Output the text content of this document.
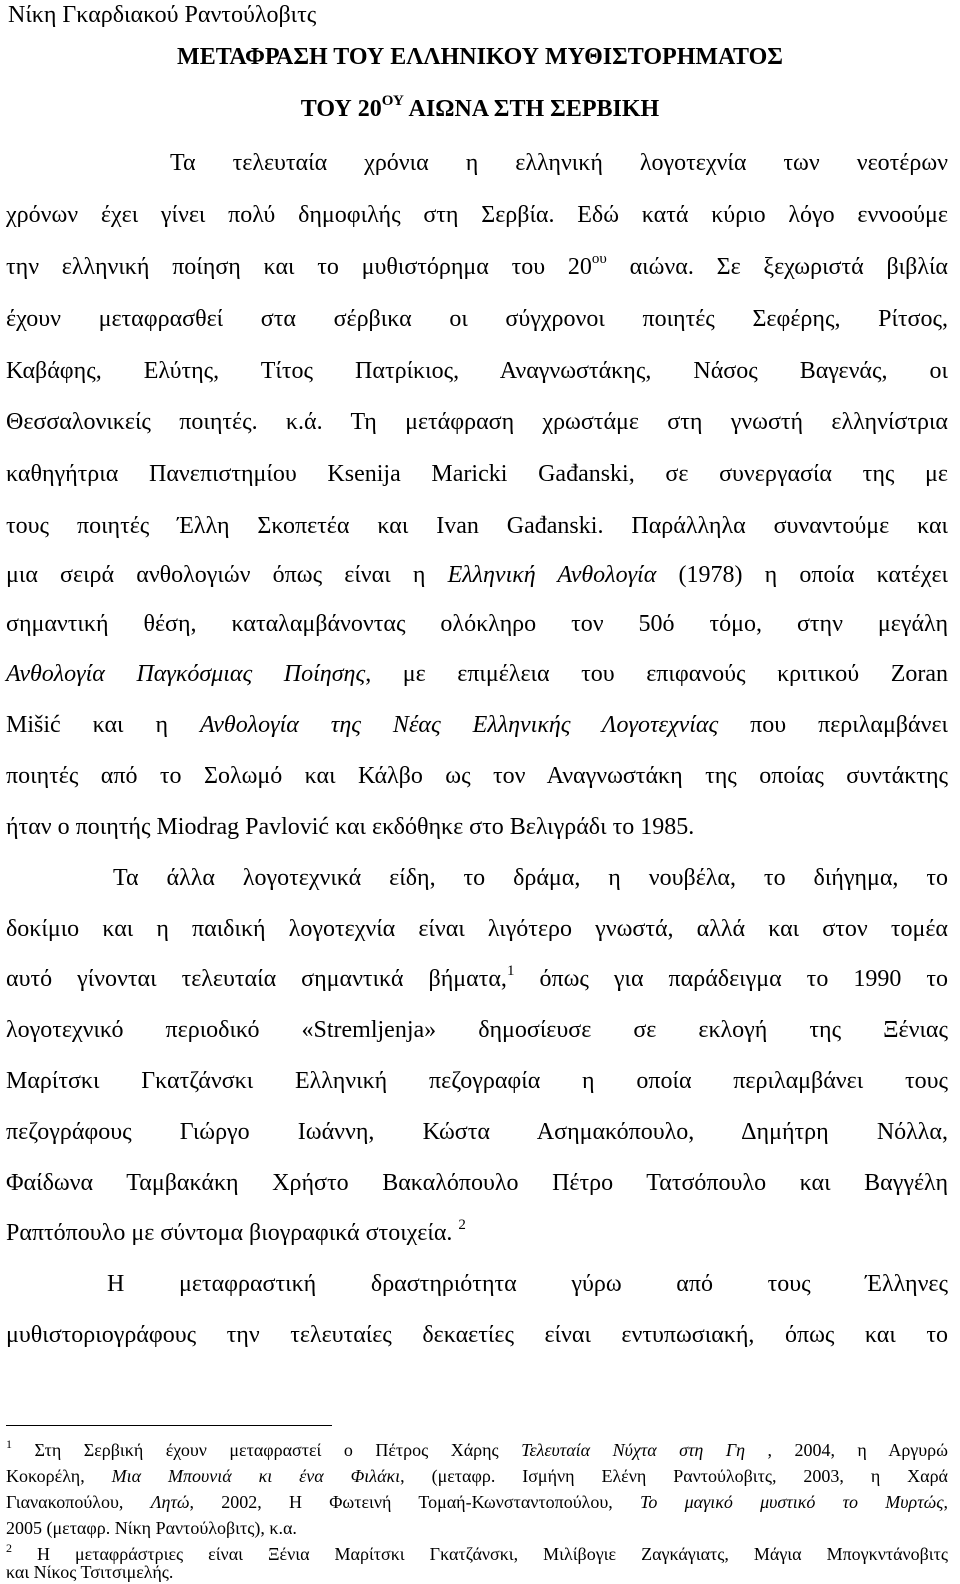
Νίκη Γκαρδιακού Ραντούλοβιτς
ΜΕΤΑΦΡΑΣΗ ΤΟΥ ΕΛΛΗΝΙΚΟΥ ΜΥΘΙΣΤΟΡΗΜΑΤΟΣ
ΤΟΥ $20^{O\Upsilon}$ ΑΙΩΝΑ ΣΤΗ ΣΕΡΒΙΚΗ
Τα τελευταία χρόνια η ελληνική λογοτεχνία των νεοτέρων
χρόνων έχει γίνει πολύ δημοφιλής στη Σερβία. Εδώ κατά κύριο λόγο εννοούμε
την ελληνική ποίηση και το μυθιστόρημα του $20^{o\upsilon}$ αιώνα. Σε ξεχωριστά βιβλία
έχουν μεταφρασθεί στα σέρβικα οι σύγχρονοι ποιητές Σεφέρης, Ρίτσος,
Καβάφης, Ελύτης, Τίτος Πατρίκιος, Αναγνωστάκης, Νάσος Βαγενάς, οι
Θεσσαλονικείς ποιητές. κ.ά. Τη μετάφραση χρωστάμε στη γνωστή ελληνίστρια
καθηγήτρια Πανεπιστημίου Ksenija Maricki Gađanski, σε συνεργασία της με
τους ποιητές Έλλη Σκοπετέα και Ivan Gađanski. Παράλληλα συναντούμε και
μια σειρά ανθολογιών όπως είναι η Ελληνική Ανθολογία (1978) η οποία κατέχει
σημαντική θέση, καταλαμβάνοντας ολόκληρο τον 50ό τόμο, στην μεγάλη
Ανθολογία Παγκόσμιας Ποίησης, με επιμέλεια του επιφανούς κριτικού Zoran
Mišić και η Ανθολογία της Νέας Ελληνικής Λογοτεχνίας που περιλαμβάνει
ποιητές από το Σολωμό και Κάλβο ως τον Αναγνωστάκη της οποίας συντάκτης
ήταν ο ποιητής Miodrag Pavlović και εκδόθηκε στο Βελιγράδι το 1985.
Τα άλλα λογοτεχνικά είδη, το δράμα, η νουβέλα, το διήγημα, το
δοκίμιο και η παιδική λογοτεχνία είναι λιγότερο γνωστά, αλλά και στον τομέα
αυτό γίνονται τελευταία σημαντικά βήματα,$^1$ όπως για παράδειγμα το 1990 το
λογοτεχνικό περιοδικό «Stremljenja» δημοσίευσε σε εκλογή της Ξένιας
Μαρίτσκι Γκατζάνσκι Ελληνική πεζογραφία η οποία περιλαμβάνει τους
πεζογράφους Γιώργο Ιωάννη, Κώστα Ασημακόπουλο, Δημήτρη Νόλλα,
Φαίδωνα Ταμβακάκη Χρήστο Βακαλόπουλο Πέτρο Τατσόπουλο και Βαγγέλη
Ραπτόπουλο με σύντομα βιογραφικά στοιχεία. $^2$
Η μεταφραστική δραστηριότητα γύρω από τους Έλληνες
μυθιστοριογράφους την τελευταίες δεκαετίες είναι εντυπωσιακή, όπως και το
$^1$ Στη Σερβική έχουν μεταφραστεί ο Πέτρος Χάρης Τελευταία Νύχτα στη Γη , 2004, η Αργυρώ
Κοκορέλη, Μια Μπουνιά κι ένα Φιλάκι, (μεταφρ. Ισμήνη Ελένη Ραντούλοβιτς, 2003, η Χαρά
Γιανακοπούλου, Λητώ, 2002, Η Φωτεινή Τομαή-Κωνσταντοπούλου, Το μαγικό μυστικό το Μυρτώς,
2005 (μεταφρ. Νίκη Ραντούλοβιτς), κ.α.
$^2$ Η μεταφράστριες είναι Ξένια Μαρίτσκι Γκατζάνσκι, Μιλίβογιε Ζαγκάγιατς, Μάγια Μπογκντάνοβιτς
και Νίκος Τσιτσιμελής.
